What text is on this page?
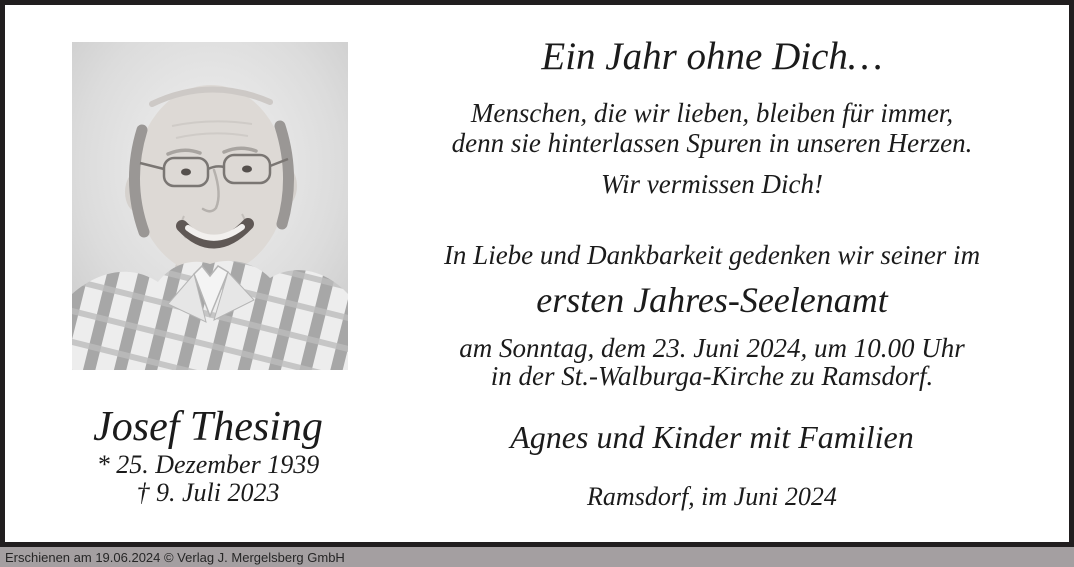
Josef Thesing
* 25. Dezember 1939
† 9. Juli 2023
Ein Jahr ohne Dich…
Menschen, die wir lieben, bleiben für immer,
denn sie hinterlassen Spuren in unseren Herzen.
Wir vermissen Dich!
In Liebe und Dankbarkeit gedenken wir seiner im
ersten Jahres-Seelenamt
am Sonntag, dem 23. Juni 2024, um 10.00 Uhr
in der St.-Walburga-Kirche zu Ramsdorf.
Agnes und Kinder mit Familien
Ramsdorf, im Juni 2024
Erschienen am 19.06.2024 © Verlag J. Mergelsberg GmbH
